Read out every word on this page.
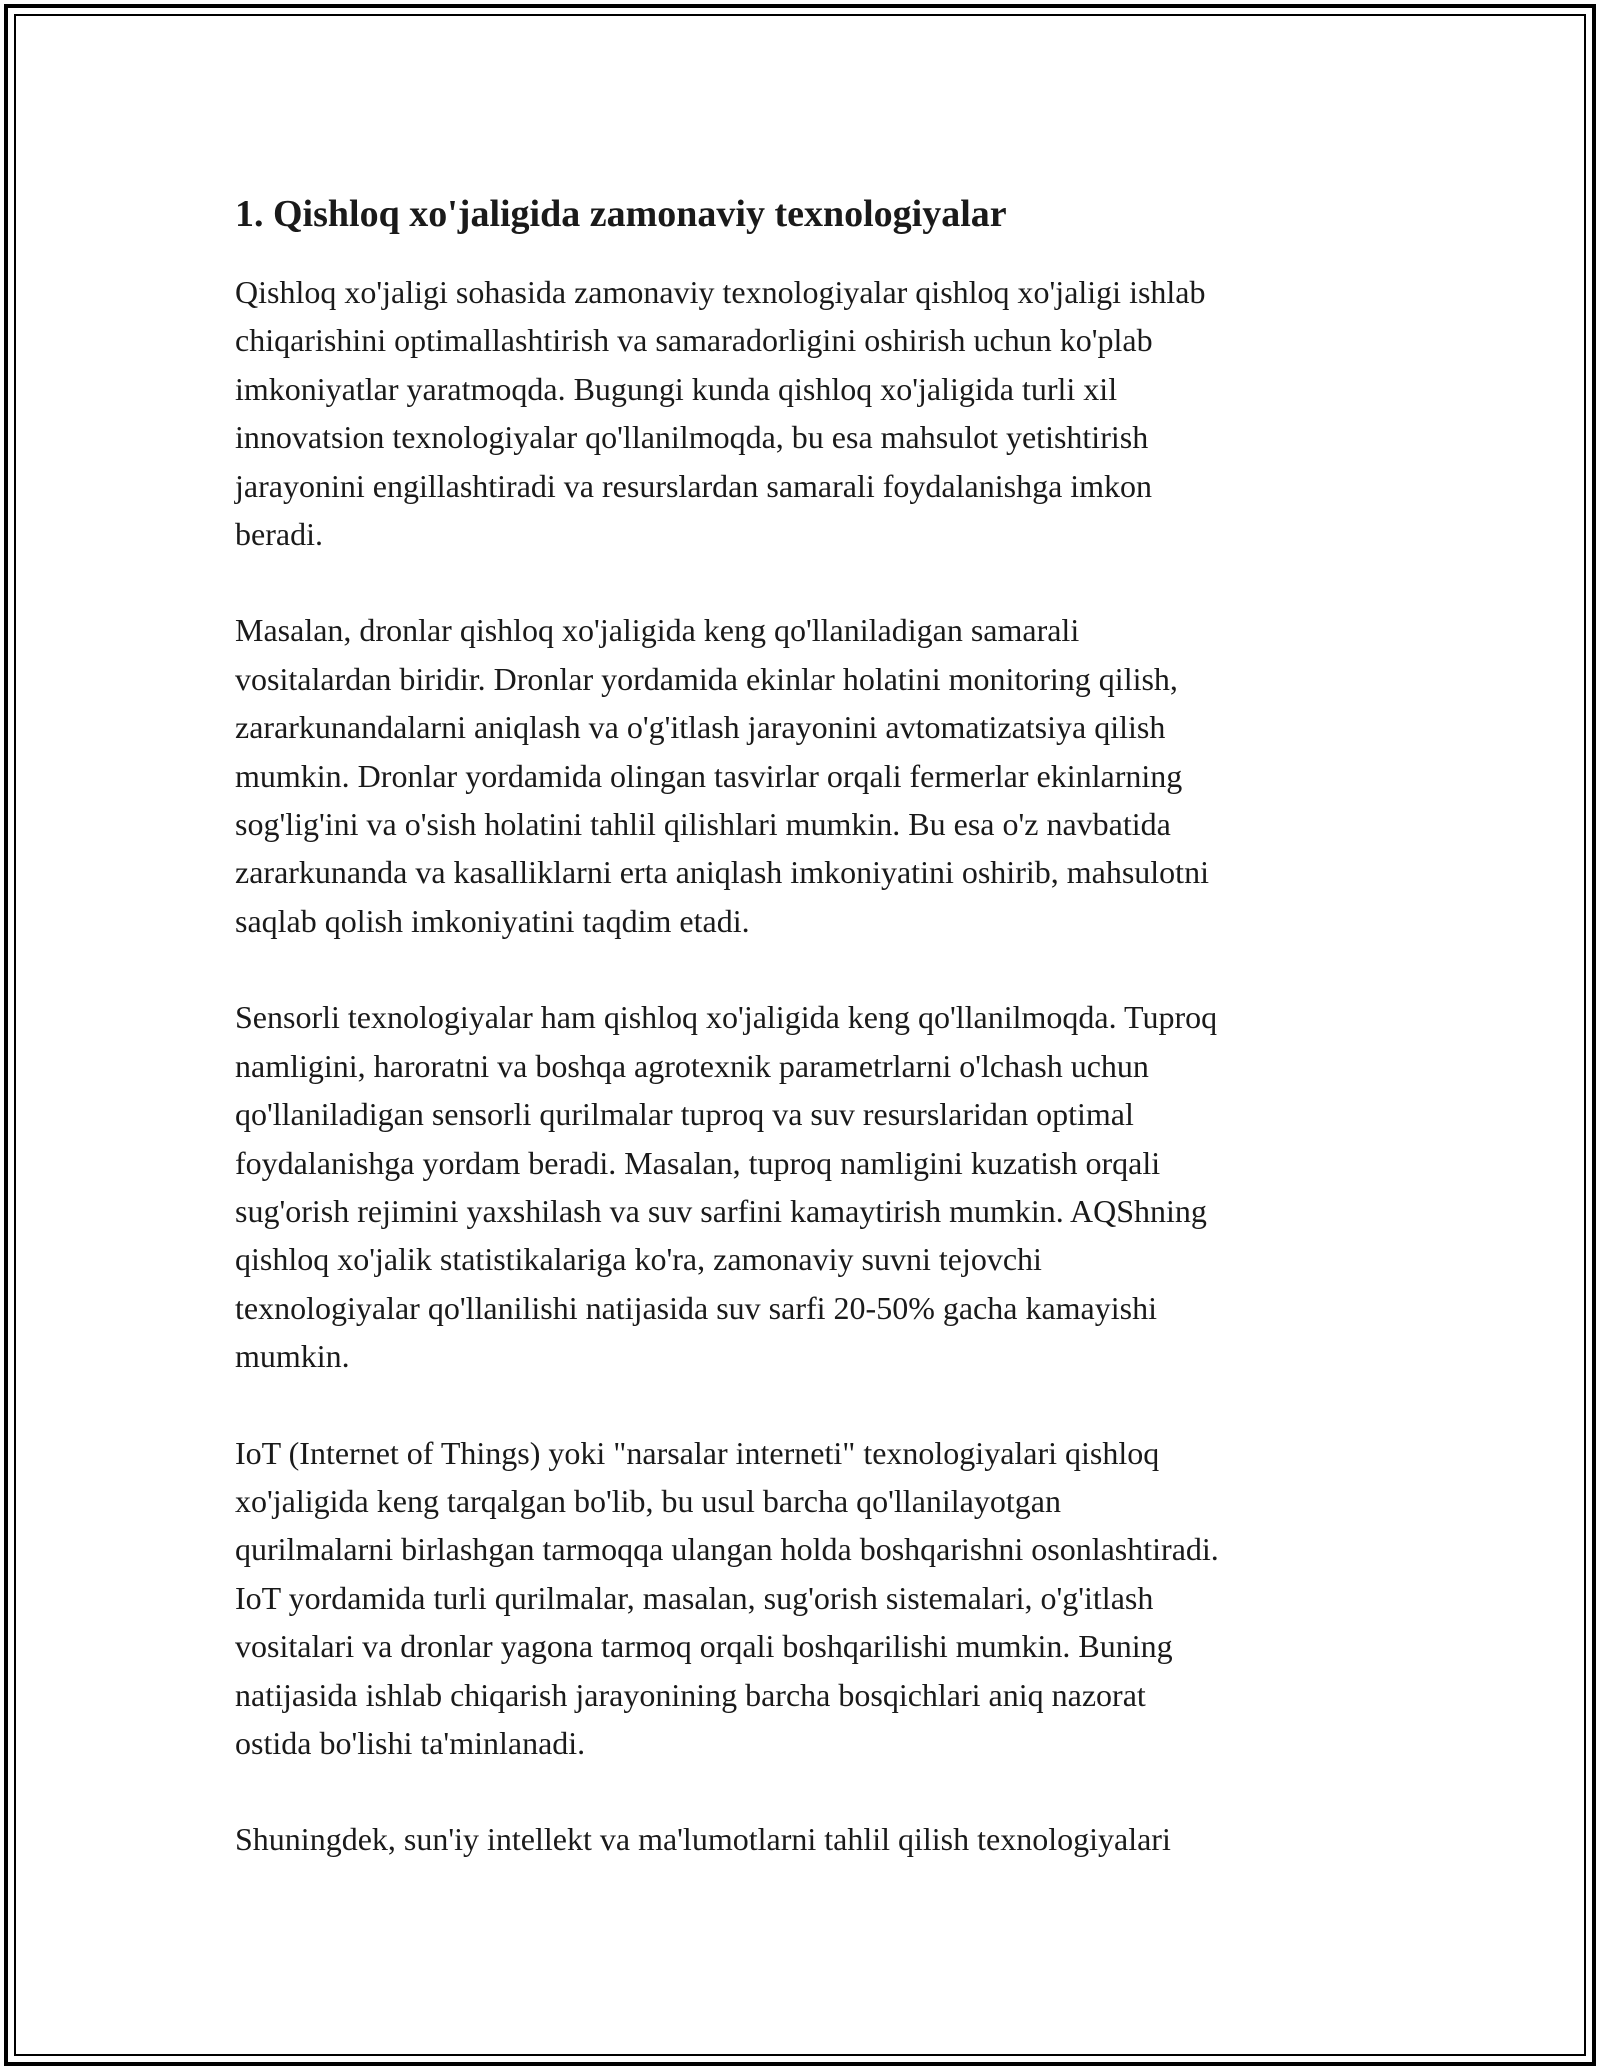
1. Qishloq xo'jaligida zamonaviy texnologiyalar

Qishloq xo'jaligi sohasida zamonaviy texnologiyalar qishloq xo'jaligi ishlab
chiqarishini optimallashtirish va samaradorligini oshirish uchun ko'plab
imkoniyatlar yaratmoqda. Bugungi kunda qishloq xo'jaligida turli xil
innovatsion texnologiyalar qo'llanilmoqda, bu esa mahsulot yetishtirish
jarayonini engillashtiradi va resurslardan samarali foydalanishga imkon
beradi.

Masalan, dronlar qishloq xo'jaligida keng qo'llaniladigan samarali
vositalardan biridir. Dronlar yordamida ekinlar holatini monitoring qilish,
zararkunandalarni aniqlash va o'g'itlash jarayonini avtomatizatsiya qilish
mumkin. Dronlar yordamida olingan tasvirlar orqali fermerlar ekinlarning
sog'lig'ini va o'sish holatini tahlil qilishlari mumkin. Bu esa o'z navbatida
zararkunanda va kasalliklarni erta aniqlash imkoniyatini oshirib, mahsulotni
saqlab qolish imkoniyatini taqdim etadi.

Sensorli texnologiyalar ham qishloq xo'jaligida keng qo'llanilmoqda. Tuproq
namligini, haroratni va boshqa agrotexnik parametrlarni o'lchash uchun
qo'llaniladigan sensorli qurilmalar tuproq va suv resurslaridan optimal
foydalanishga yordam beradi. Masalan, tuproq namligini kuzatish orqali
sug'orish rejimini yaxshilash va suv sarfini kamaytirish mumkin. AQShning
qishloq xo'jalik statistikalariga ko'ra, zamonaviy suvni tejovchi
texnologiyalar qo'llanilishi natijasida suv sarfi 20-50% gacha kamayishi
mumkin.

IoT (Internet of Things) yoki "narsalar interneti" texnologiyalari qishloq
xo'jaligida keng tarqalgan bo'lib, bu usul barcha qo'llanilayotgan
qurilmalarni birlashgan tarmoqqa ulangan holda boshqarishni osonlashtiradi.
IoT yordamida turli qurilmalar, masalan, sug'orish sistemalari, o'g'itlash
vositalari va dronlar yagona tarmoq orqali boshqarilishi mumkin. Buning
natijasida ishlab chiqarish jarayonining barcha bosqichlari aniq nazorat
ostida bo'lishi ta'minlanadi.

Shuningdek, sun'iy intellekt va ma'lumotlarni tahlil qilish texnologiyalari
